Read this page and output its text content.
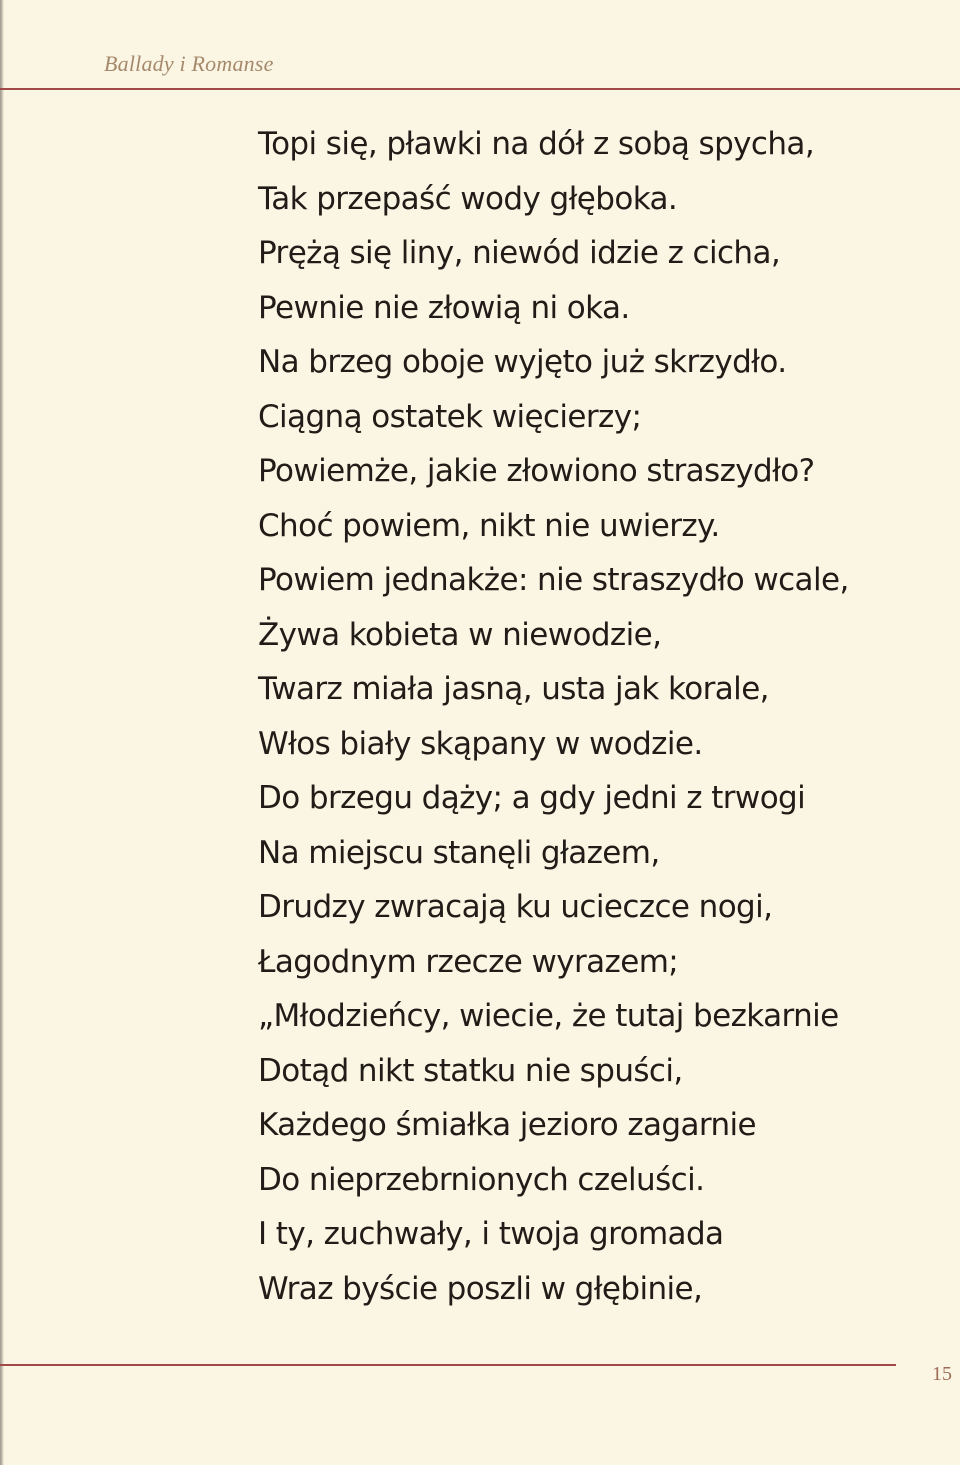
Ballady i Romanse
Topi się, pławki na dół z sobą spycha,
Tak przepaść wody głęboka.
Prężą się liny, niewód idzie z cicha,
Pewnie nie złowią ni oka.
Na brzeg oboje wyjęto już skrzydło.
Ciągną ostatek więcierzy;
Powiemże, jakie złowiono straszydło?
Choć powiem, nikt nie uwierzy.
Powiem jednakże: nie straszydło wcale,
Żywa kobieta w niewodzie,
Twarz miała jasną, usta jak korale,
Włos biały skąpany w wodzie.
Do brzegu dąży; a gdy jedni z trwogi
Na miejscu stanęli głazem,
Drudzy zwracają ku ucieczce nogi,
Łagodnym rzecze wyrazem;
„Młodzieńcy, wiecie, że tutaj bezkarnie
Dotąd nikt statku nie spuści,
Każdego śmiałka jezioro zagarnie
Do nieprzebrnionych czeluści.
I ty, zuchwały, i twoja gromada
Wraz byście poszli w głębinie,
15
